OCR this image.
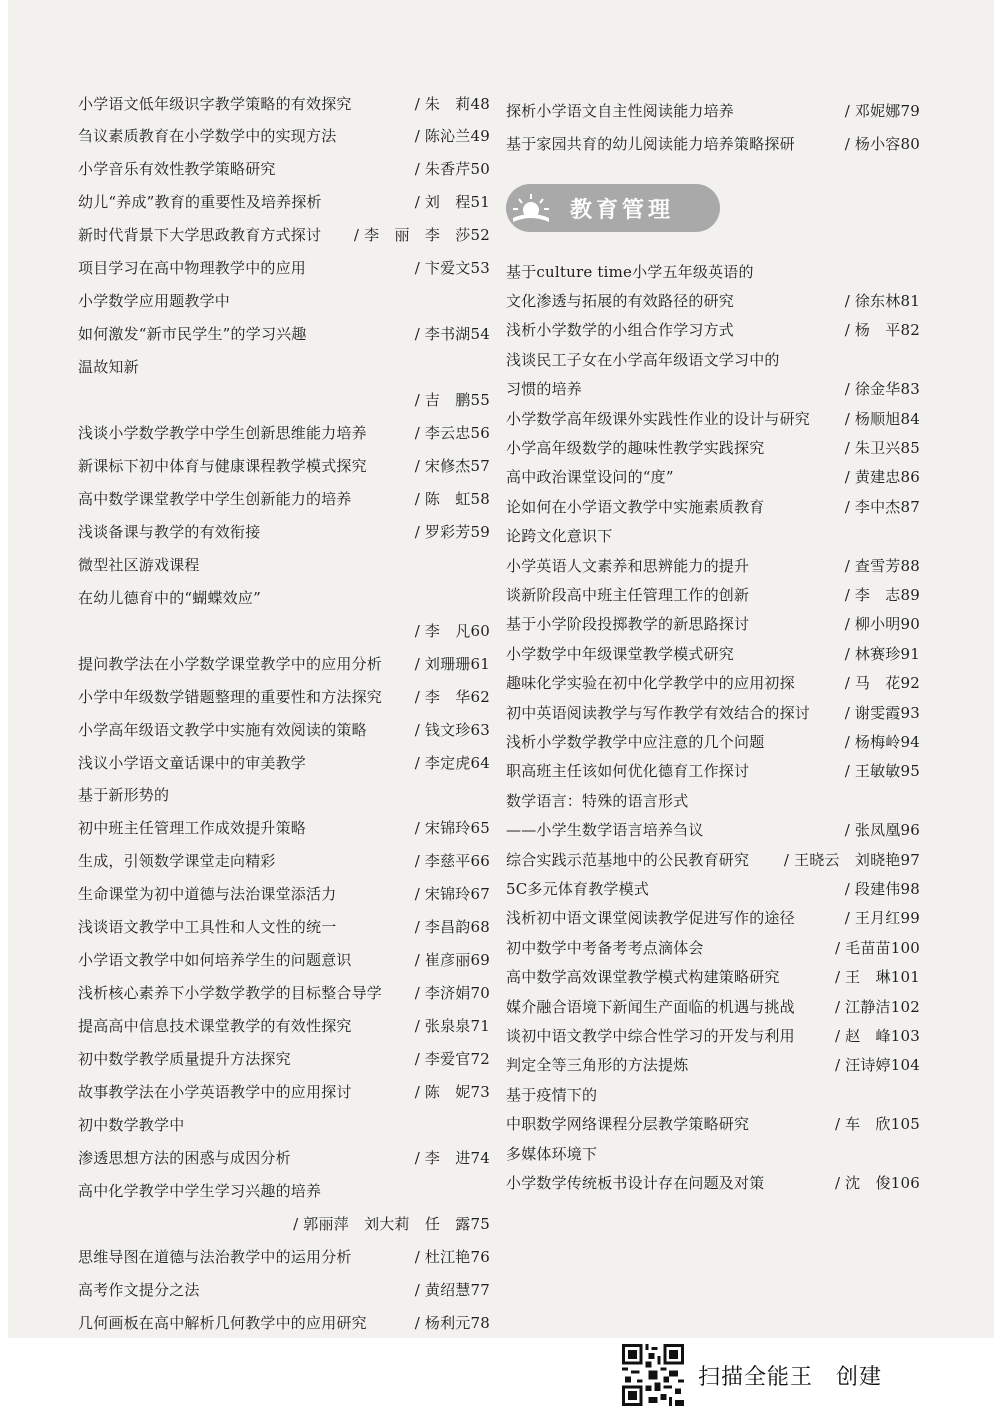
小学语文低年级识字教学策略的有效探究	/ 朱　莉48
刍议素质教育在小学数学中的实现方法	/ 陈沁兰49
小学音乐有效性教学策略研究	/ 朱香芹50
幼儿“养成”教育的重要性及培养探析	/ 刘　程51
新时代背景下大学思政教育方式探讨 / 李　丽　李　莎52
项目学习在高中物理教学中的应用	/ 卞爱文53
小学数学应用题教学中
如何激发“新市民学生”的学习兴趣	/ 李书湖54
温故知新
/ 吉　鹏55
浅谈小学数学教学中学生创新思维能力培养	/ 李云忠56
新课标下初中体育与健康课程教学模式探究	/ 宋修杰57
高中数学课堂教学中学生创新能力的培养	/ 陈　虹58
浅谈备课与教学的有效衔接	/ 罗彩芳59
微型社区游戏课程
在幼儿德育中的“蝴蝶效应”
/ 李　凡60
提问教学法在小学数学课堂教学中的应用分析 / 刘珊珊61
小学中年级数学错题整理的重要性和方法探究 / 李　华62
小学高年级语文教学中实施有效阅读的策略	/ 钱文珍63
浅议小学语文童话课中的审美教学	/ 李定虎64
基于新形势的
初中班主任管理工作成效提升策略	/ 宋锦玲65
生成，引领数学课堂走向精彩	/ 李慈平66
生命课堂为初中道德与法治课堂添活力	/ 宋锦玲67
浅谈语文教学中工具性和人文性的统一	/ 李昌韵68
小学语文教学中如何培养学生的问题意识	/ 崔彦丽69
浅析核心素养下小学数学教学的目标整合导学 / 李济娟70
提高高中信息技术课堂教学的有效性探究	/ 张泉泉71
初中数学教学质量提升方法探究	/ 李爱官72
故事教学法在小学英语教学中的应用探讨	/ 陈　妮73
初中数学教学中
渗透思想方法的困惑与成因分析	/ 李　进74
高中化学教学中学生学习兴趣的培养
/ 郭丽萍　刘大莉　任　露75
思维导图在道德与法治教学中的运用分析	/ 杜江艳76
高考作文提分之法	/ 黄绍慧77
几何画板在高中解析几何教学中的应用研究	/ 杨利元78
探析小学语文自主性阅读能力培养	/ 邓妮娜79
基于家园共育的幼儿阅读能力培养策略探研	/ 杨小容80
基于culture time小学五年级英语的
文化渗透与拓展的有效路径的研究	/ 徐东林81
浅析小学数学的小组合作学习方式	/ 杨　平82
浅谈民工子女在小学高年级语文学习中的
习惯的培养	/ 徐金华83
小学数学高年级课外实践性作业的设计与研究 / 杨顺旭84
小学高年级数学的趣味性教学实践探究	/ 朱卫兴85
高中政治课堂设问的“度”	/ 黄建忠86
论如何在小学语文教学中实施素质教育	/ 李中杰87
论跨文化意识下
小学英语人文素养和思辨能力的提升	/ 查雪芳88
谈新阶段高中班主任管理工作的创新	/ 李　志89
基于小学阶段投掷教学的新思路探讨	/ 柳小明90
小学数学中年级课堂教学模式研究	/ 林赛珍91
趣味化学实验在初中化学教学中的应用初探	/ 马　花92
初中英语阅读教学与写作教学有效结合的探讨 / 谢雯霞93
浅析小学数学教学中应注意的几个问题	/ 杨梅岭94
职高班主任该如何优化德育工作探讨	/ 王敏敏95
数学语言：特殊的语言形式
——小学生数学语言培养刍议	/ 张凤凰96
综合实践示范基地中的公民教育研究 / 王晓云　刘晓艳97
5C多元体育教学模式	/ 段建伟98
浅析初中语文课堂阅读教学促进写作的途径	/ 王月红99
初中数学中考备考考点滴体会	/ 毛苗苗100
高中数学高效课堂教学模式构建策略研究	/ 王　琳101
媒介融合语境下新闻生产面临的机遇与挑战	/ 江静洁102
谈初中语文教学中综合性学习的开发与利用	/ 赵　峰103
判定全等三角形的方法提炼	/ 汪诗婷104
基于疫情下的
中职数学网络课程分层教学策略研究	/ 车　欣105
多媒体环境下
小学数学传统板书设计存在问题及对策	/ 沈　俊106
教育管理
扫描全能王　创建
